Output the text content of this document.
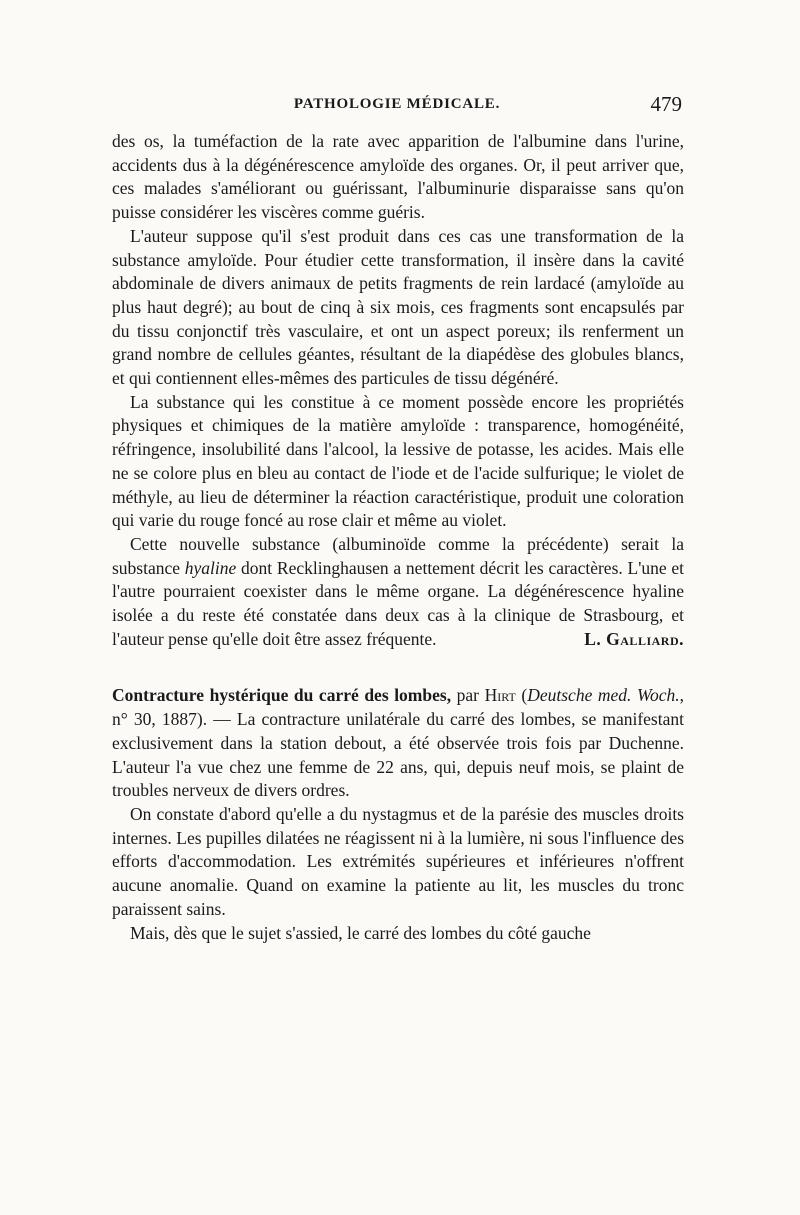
PATHOLOGIE MÉDICALE.	479

des os, la tuméfaction de la rate avec apparition de l'albumine dans l'urine, accidents dus à la dégénérescence amyloïde des organes. Or, il peut arriver que, ces malades s'améliorant ou guérissant, l'albuminurie disparaisse sans qu'on puisse considérer les viscères comme guéris.

L'auteur suppose qu'il s'est produit dans ces cas une transformation de la substance amyloïde. Pour étudier cette transformation, il insère dans la cavité abdominale de divers animaux de petits fragments de rein lardacé (amyloïde au plus haut degré); au bout de cinq à six mois, ces fragments sont encapsulés par du tissu conjonctif très vasculaire, et ont un aspect poreux; ils renferment un grand nombre de cellules géantes, résultant de la diapédèse des globules blancs, et qui contiennent elles-mêmes des particules de tissu dégénéré.

La substance qui les constitue à ce moment possède encore les propriétés physiques et chimiques de la matière amyloïde : transparence, homogénéité, réfringence, insolubilité dans l'alcool, la lessive de potasse, les acides. Mais elle ne se colore plus en bleu au contact de l'iode et de l'acide sulfurique; le violet de méthyle, au lieu de déterminer la réaction caractéristique, produit une coloration qui varie du rouge foncé au rose clair et même au violet.

Cette nouvelle substance (albuminoïde comme la précédente) serait la substance hyaline dont Recklinghausen a nettement décrit les caractères. L'une et l'autre pourraient coexister dans le même organe. La dégénérescence hyaline isolée a du reste été constatée dans deux cas à la clinique de Strasbourg, et l'auteur pense qu'elle doit être assez fréquente.	L. Galliard.

Contracture hystérique du carré des lombes, par Hirt (Deutsche med. Woch., n° 30, 1887). — La contracture unilatérale du carré des lombes, se manifestant exclusivement dans la station debout, a été observée trois fois par Duchenne. L'auteur l'a vue chez une femme de 22 ans, qui, depuis neuf mois, se plaint de troubles nerveux de divers ordres.

On constate d'abord qu'elle a du nystagmus et de la parésie des muscles droits internes. Les pupilles dilatées ne réagissent ni à la lumière, ni sous l'influence des efforts d'accommodation. Les extrémités supérieures et inférieures n'offrent aucune anomalie. Quand on examine la patiente au lit, les muscles du tronc paraissent sains.

Mais, dès que le sujet s'assied, le carré des lombes du côté gauche
